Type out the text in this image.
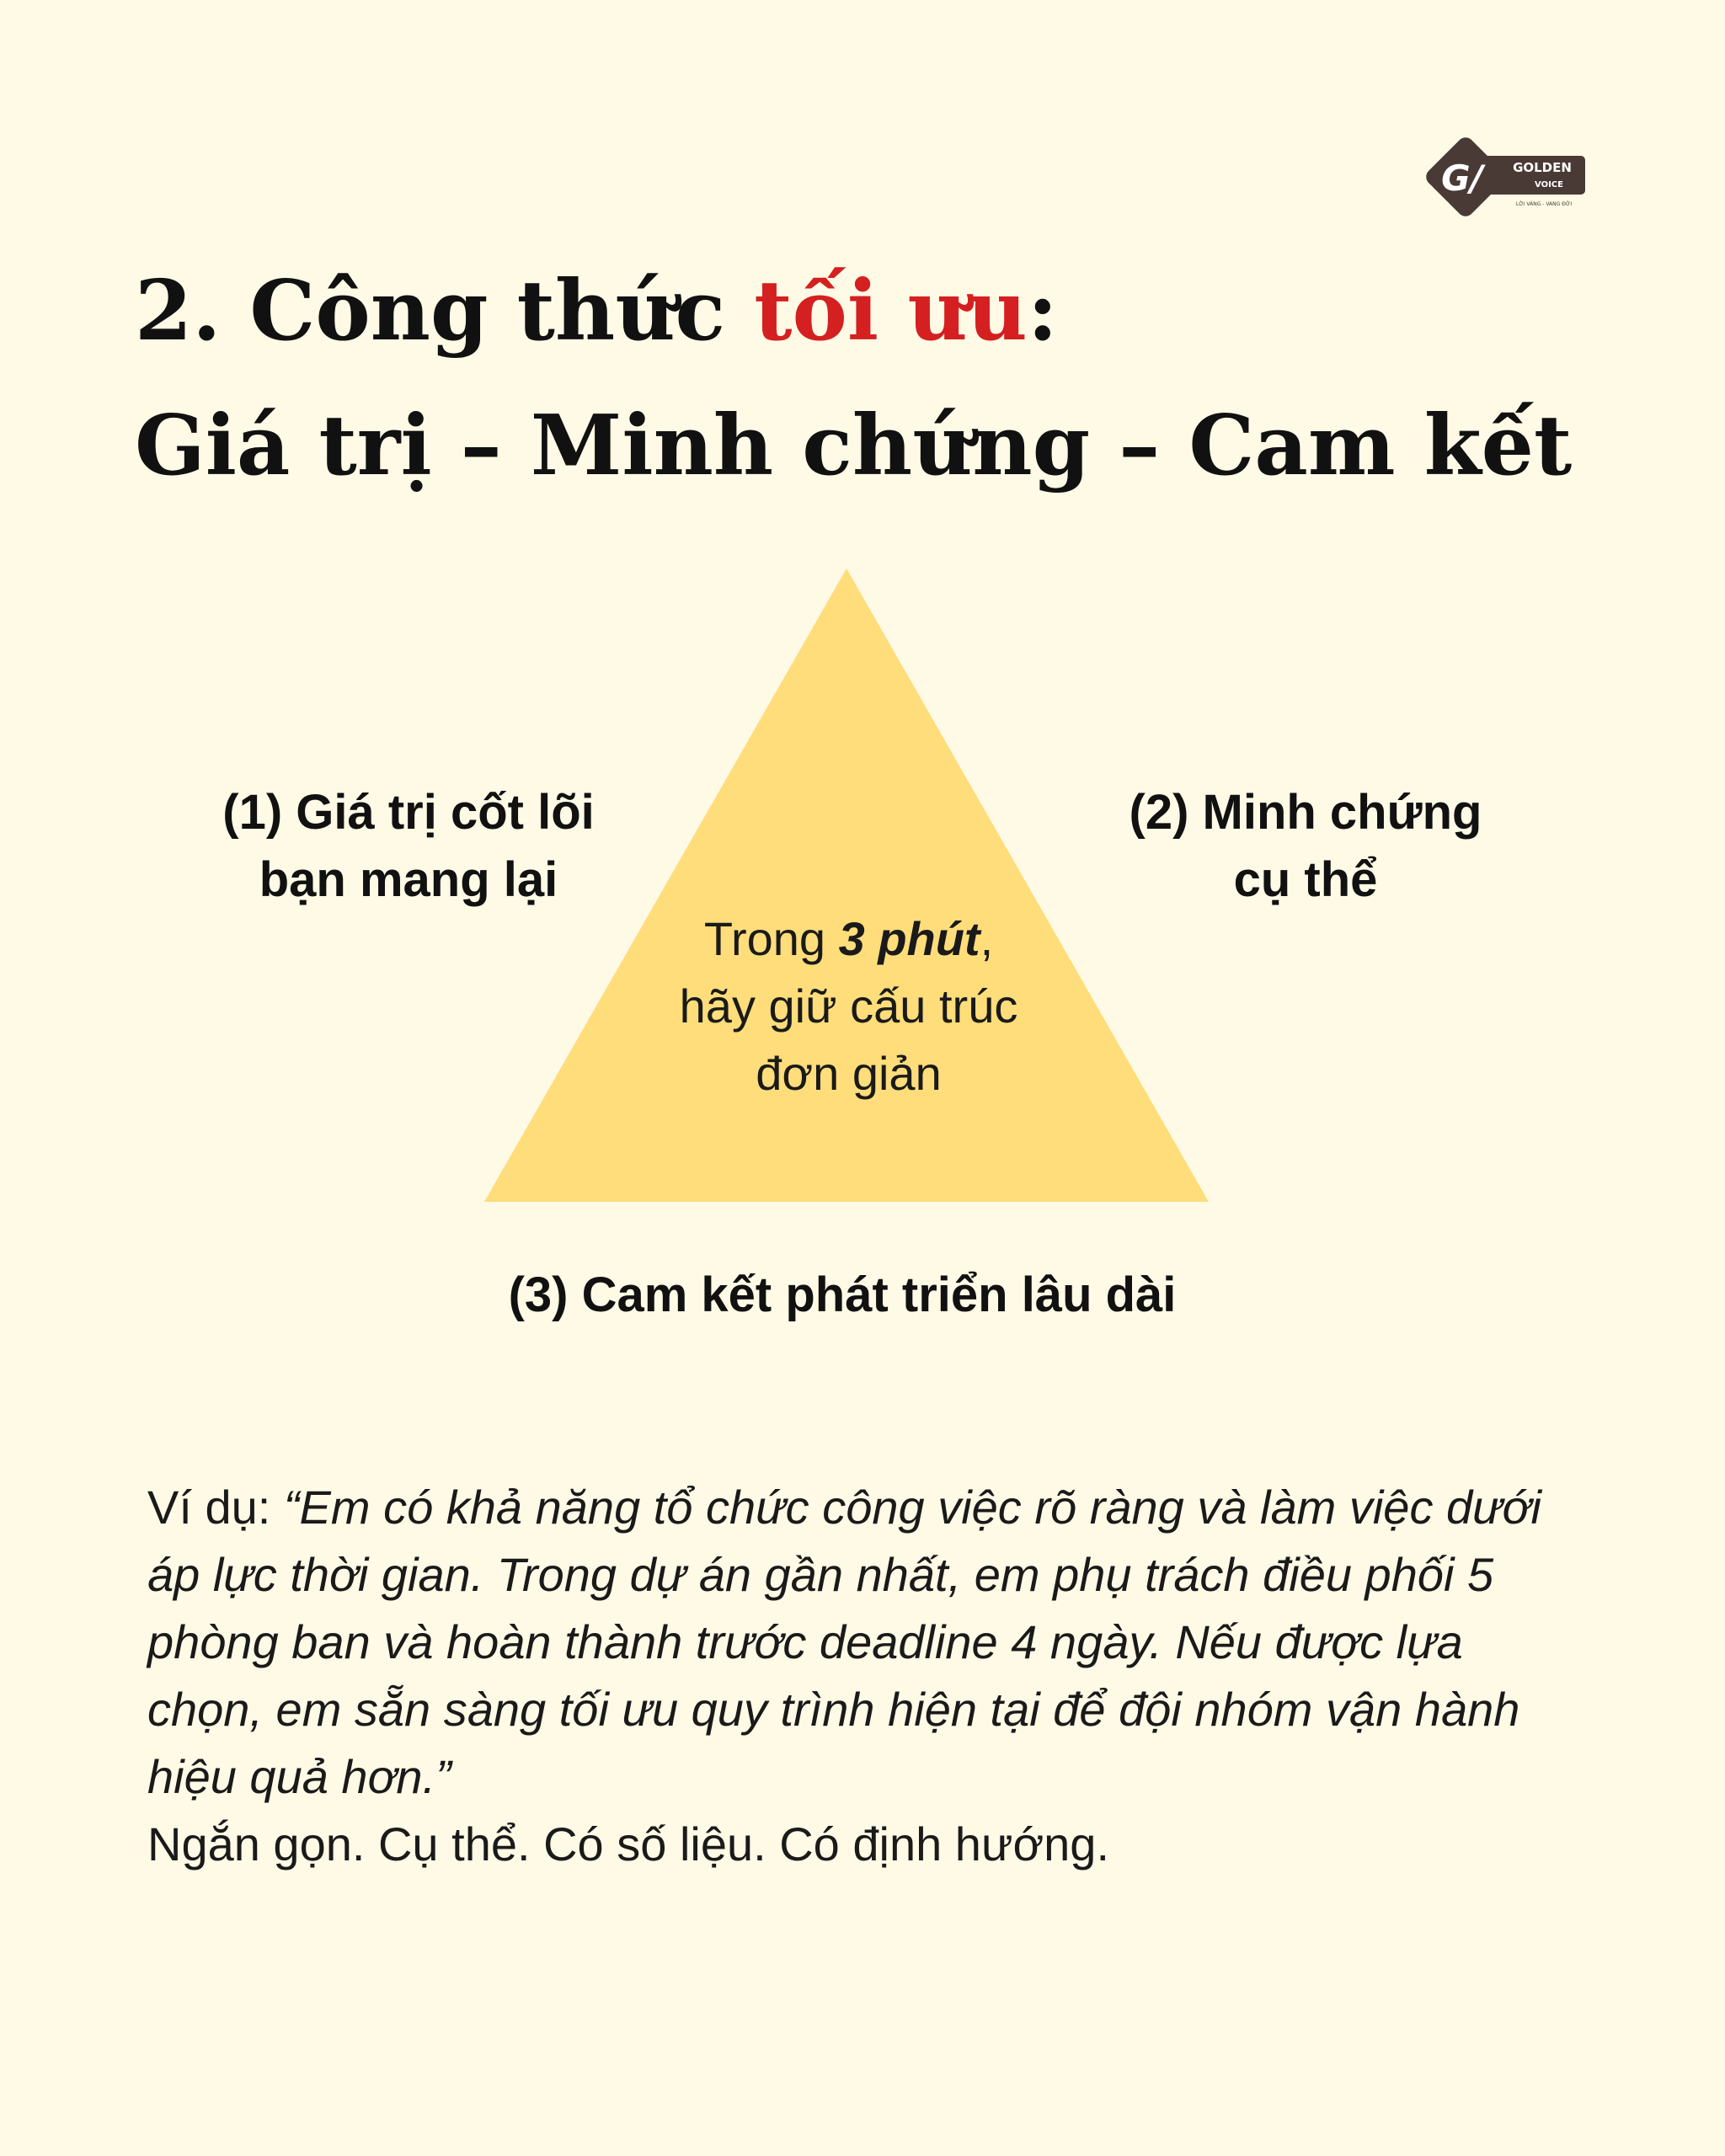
G/ GOLDEN
VOICE
LỜI VÀNG - VANG ĐỜI
2. Công thức tối ưu:
Giá trị – Minh chứng – Cam kết
Trong 3 phút,
hãy giữ cấu trúc
đơn giản
(1) Giá trị cốt lõi
bạn mang lại
(2) Minh chứng
cụ thể
(3) Cam kết phát triển lâu dài
Ví dụ: “Em có khả năng tổ chức công việc rõ ràng và làm việc dưới áp lực thời gian. Trong dự án gần nhất, em phụ trách điều phối 5 phòng ban và hoàn thành trước deadline 4 ngày. Nếu được lựa chọn, em sẵn sàng tối ưu quy trình hiện tại để đội nhóm vận hành hiệu quả hơn.”
Ngắn gọn. Cụ thể. Có số liệu. Có định hướng.
